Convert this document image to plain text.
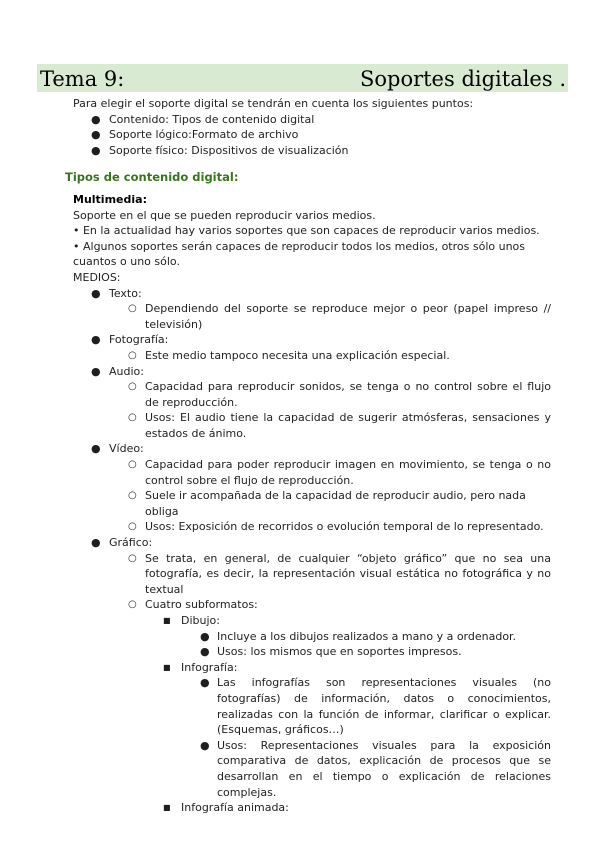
Tema 9:	Soportes digitales .

Para elegir el soporte digital se tendrán en cuenta los siguientes puntos:

● Contenido: Tipos de contenido digital
● Soporte lógico:Formato de archivo
● Soporte físico: Dispositivos de visualización
Tipos de contenido digital:
Multimedia:

Soporte en el que se pueden reproducir varios medios.

• En la actualidad hay varios soportes que son capaces de reproducir varios medios.

• Algunos soportes serán capaces de reproducir todos los medios, otros sólo unos cuantos o uno sólo.

MEDIOS:

● Texto:
○ Dependiendo del soporte se reproduce mejor o peor (papel impreso // televisión)
● Fotografía:
○ Este medio tampoco necesita una explicación especial.
● Audio:
○ Capacidad para reproducir sonidos, se tenga o no control sobre el flujo de reproducción.
○ Usos: El audio tiene la capacidad de sugerir atmósferas, sensaciones y estados de ánimo.
● Vídeo:
○ Capacidad para poder reproducir imagen en movimiento, se tenga o no control sobre el flujo de reproducción.
○ Suele ir acompañada de la capacidad de reproducir audio, pero nada obliga
○ Usos: Exposición de recorridos o evolución temporal de lo representado.
● Gráfico:
○ Se trata, en general, de cualquier “objeto gráfico” que no sea una fotografía, es decir, la representación visual estática no fotográfica y no textual
○ Cuatro subformatos:
■ Dibujo:
● Incluye a los dibujos realizados a mano y a ordenador.
● Usos: los mismos que en soportes impresos.
■ Infografía:
● Las infografías son representaciones visuales (no fotografías) de información, datos o conocimientos, realizadas con la función de informar, clarificar o explicar. (Esquemas, gráficos…)
● Usos: Representaciones visuales para la exposición comparativa de datos, explicación de procesos que se desarrollan en el tiempo o explicación de relaciones complejas.
■ Infografía animada:
